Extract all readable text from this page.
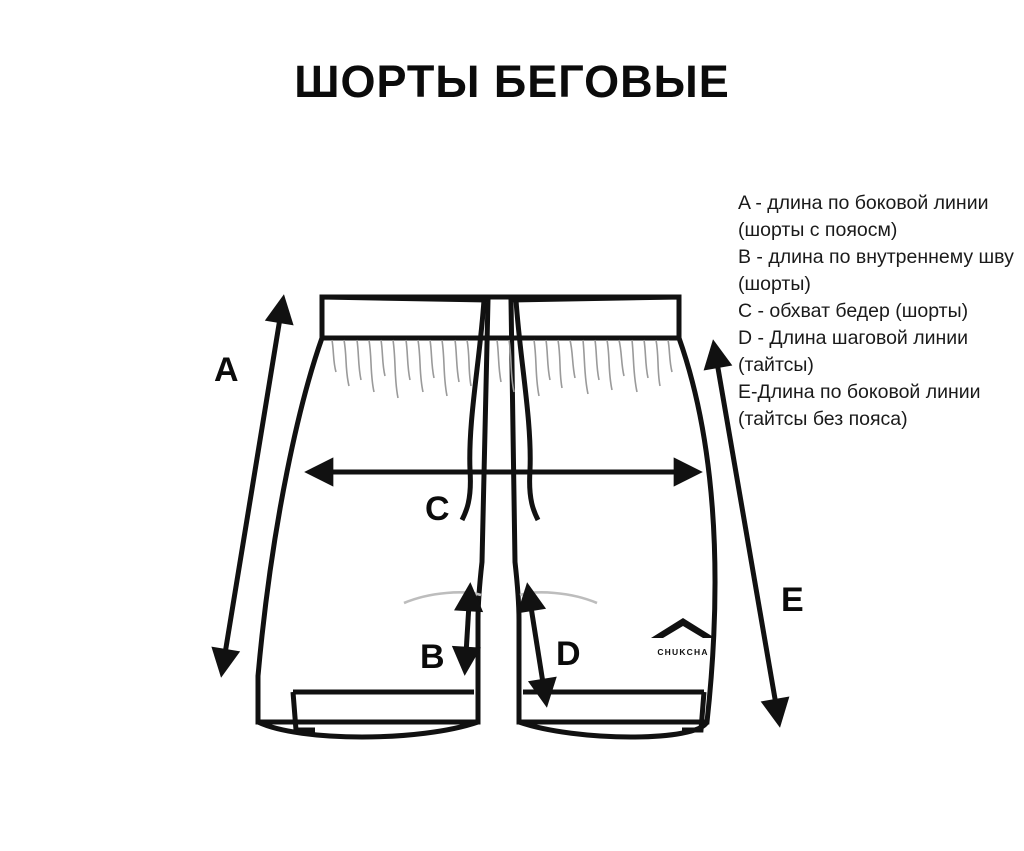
ШОРТЫ БЕГОВЫЕ
A - длина по боковой линии (шорты с пояосм)
B - длина по внутреннему шву (шорты)
C - обхват бедер (шорты)
D - Длина шаговой линии (тайтсы)
E-Длина по боковой линии (тайтсы без пояса)
A
C
B	D
E
CHUKCHA
